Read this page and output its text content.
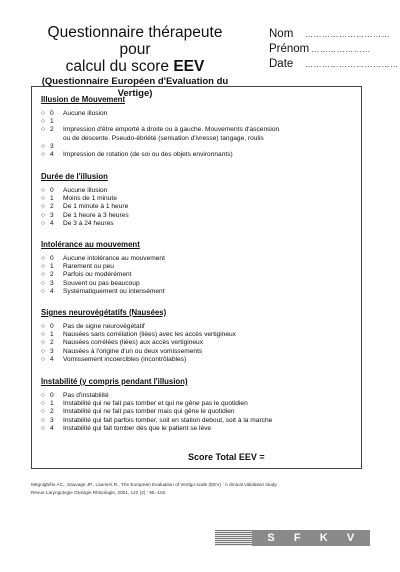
Questionnaire thérapeute pour
calcul du score EEV
(Questionnaire Européen d'Evaluation du Vertige)
Nom	…………………………
Prénom …………………
Date	……………………………
Illusion de Mouvement
○ 0	Aucune illusion
○ 1
○ 2	Impression d'être emporté à droite ou à gauche. Mouvements d'ascension
ou de descente. Pseudo-ébriété (sensation d'ivresse) tangage, roulis
○ 3
○ 4	Impression de rotation (de soi ou des objets environnants)
Durée de l'illusion
○ 0	Aucune illusion
○ 1	Moins de 1 minute
○ 2	De 1 minute à 1 heure
○ 3	De 1 heure à 3 heures
○ 4	De 3 à 24 heures
Intolérance au mouvement
○ 0	Aucune intolérance au mouvement
○ 1	Rarement ou peu
○ 2	Parfois ou modérément
○ 3	Souvent ou pas beaucoup
○ 4	Systématiquement ou intensément
Signes neurovégétatifs (Nausées)
○ 0	Pas de signe neurovégétatif
○ 1	Nausées sans corrélation (liées) avec les accès vertigineux
○ 2	Nausées corrélées (liées) aux accès vertigineux
○ 3	Nausées à l'origine d'un ou deux vomissements
○ 4	Vomissement incoercibles (incontrôlables)
Instabilité (y compris pendant l'illusion)
○ 0	Pas d'instabilité
○ 1	Instabilité qui ne fait pas tomber et qui ne gêne pas le quotidien
○ 2	Instabilité qui ne fait pas tomber mais qui gêne le quotidien
○ 3	Instabilité qui fait parfois tomber, soit en station debout, soit à la marche
○ 4	Instabilité qui fait tomber dès que le patient se lève
Score Total EEV =
Mégnigbêto AC., Sauvage JP., Lauriers R., The European Evaluation of Vertigo scale (EEV) : A clinical validation study.
Revue Laryngologie Otologie Rhinologie, 2001, 122 (2) : 95.-102.
S F K V
